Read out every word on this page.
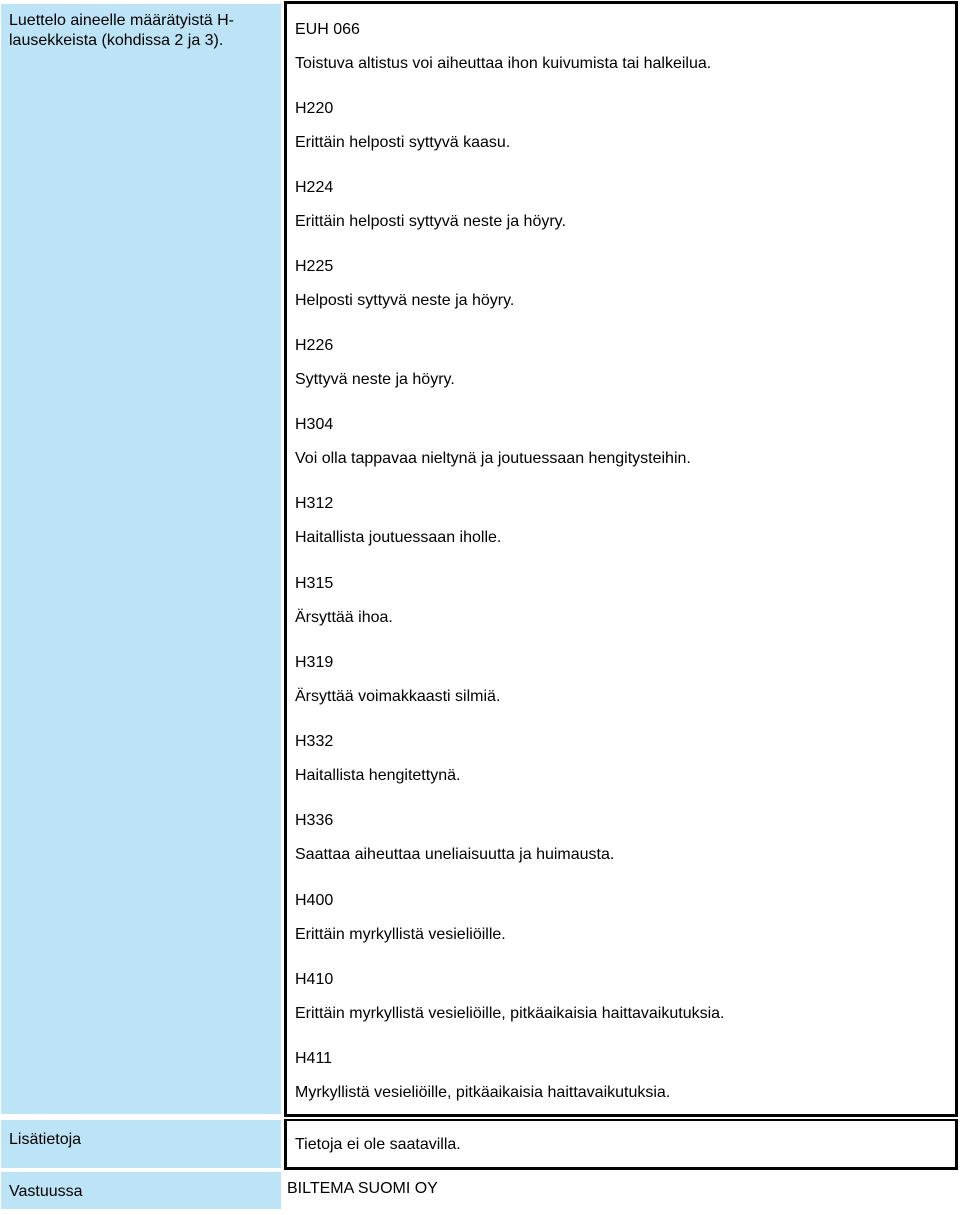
Luettelo aineelle määrätyistä H-lausekkeista (kohdissa 2 ja 3).
EUH 066
Toistuva altistus voi aiheuttaa ihon kuivumista tai halkeilua.
H220
Erittäin helposti syttyvä kaasu.
H224
Erittäin helposti syttyvä neste ja höyry.
H225
Helposti syttyvä neste ja höyry.
H226
Syttyvä neste ja höyry.
H304
Voi olla tappavaa nieltynä ja joutuessaan hengitysteihin.
H312
Haitallista joutuessaan iholle.
H315
Ärsyttää ihoa.
H319
Ärsyttää voimakkaasti silmiä.
H332
Haitallista hengitettynä.
H336
Saattaa aiheuttaa uneliaisuutta ja huimausta.
H400
Erittäin myrkyllistä vesieliöille.
H410
Erittäin myrkyllistä vesieliöille, pitkäaikaisia haittavaikutuksia.
H411
Myrkyllistä vesieliöille, pitkäaikaisia haittavaikutuksia.
Lisätietoja	Tietoja ei ole saatavilla.
Vastuussa	BILTEMA SUOMI OY
